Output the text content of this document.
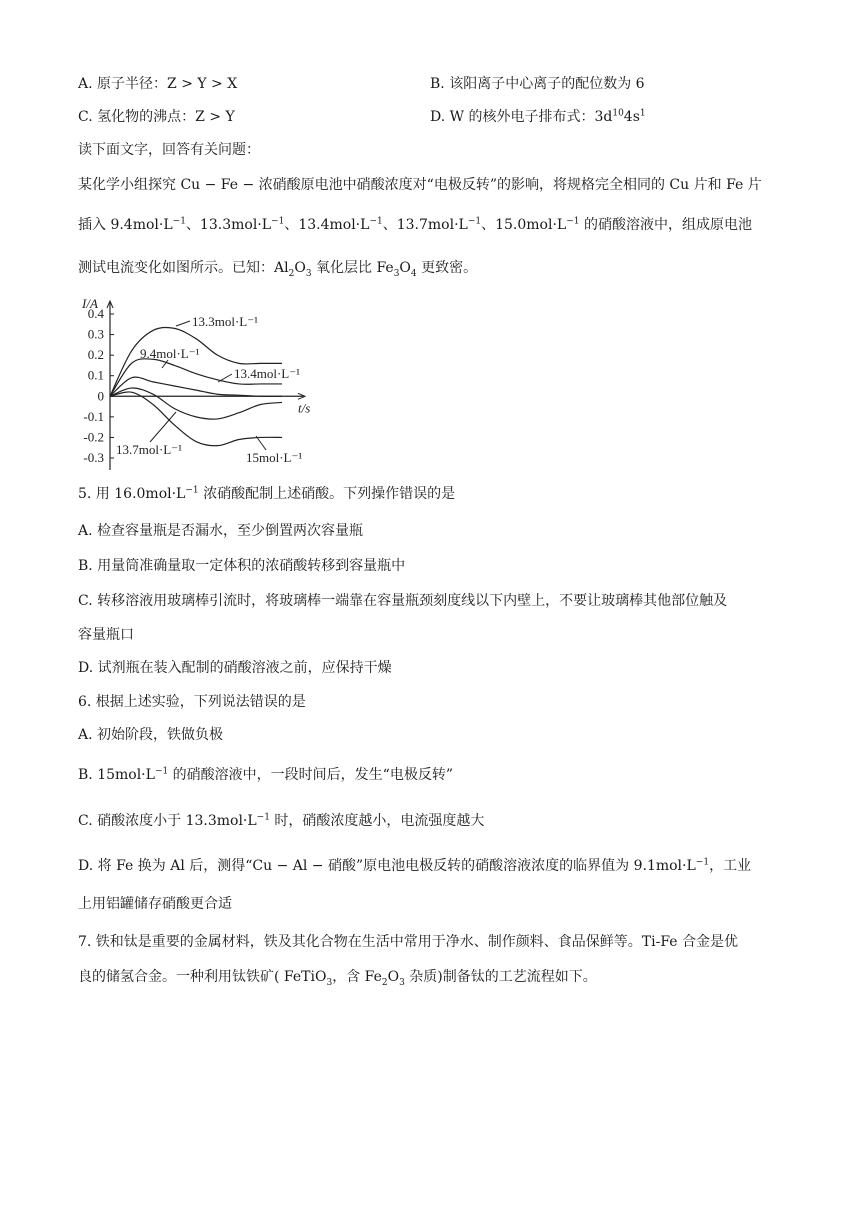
A. 原子半径：Z > Y > X	B. 该阳离子中心离子的配位数为 6
C. 氢化物的沸点：Z > Y	D. W 的核外电子排布式：$3d^{10}4s^1$
读下面文字，回答有关问题：
某化学小组探究 Cu − Fe − 浓硝酸原电池中硝酸浓度对“电极反转”的影响，将规格完全相同的 Cu 片和 Fe 片
插入 $9.4mol\cdot L^{-1}$、$13.3mol\cdot L^{-1}$、$13.4mol\cdot L^{-1}$、$13.7mol\cdot L^{-1}$、$15.0mol\cdot L^{-1}$ 的硝酸溶液中，组成原电池
测试电流变化如图所示。已知：$Al_2O_3$ 氧化层比 $Fe_3O_4$ 更致密。
0.4
0.3
0.2
0.1
0
-0.1
-0.2
-0.3
I/A
t/s
13.3mol·L⁻¹
9.4mol·L⁻¹
13.4mol·L⁻¹
13.7mol·L⁻¹
15mol·L⁻¹
5. 用 $16.0mol\cdot L^{-1}$ 浓硝酸配制上述硝酸。下列操作错误的是
A. 检查容量瓶是否漏水，至少倒置两次容量瓶
B. 用量筒准确量取一定体积的浓硝酸转移到容量瓶中
C. 转移溶液用玻璃棒引流时，将玻璃棒一端靠在容量瓶颈刻度线以下内壁上，不要让玻璃棒其他部位触及
容量瓶口
D. 试剂瓶在装入配制的硝酸溶液之前，应保持干燥
6. 根据上述实验，下列说法错误的是
A. 初始阶段，铁做负极
B. $15mol\cdot L^{-1}$ 的硝酸溶液中，一段时间后，发生“电极反转”
C. 硝酸浓度小于 $13.3mol\cdot L^{-1}$ 时，硝酸浓度越小，电流强度越大
D. 将 Fe 换为 Al 后，测得“Cu − Al − 硝酸”原电池电极反转的硝酸溶液浓度的临界值为 $9.1mol\cdot L^{-1}$，工业
上用铝罐储存硝酸更合适
7. 铁和钛是重要的金属材料，铁及其化合物在生活中常用于净水、制作颜料、食品保鲜等。Ti-Fe 合金是优
良的储氢合金。一种利用钛铁矿( FeTiO$_3$，含 $Fe_2O_3$ 杂质)制备钛的工艺流程如下。
